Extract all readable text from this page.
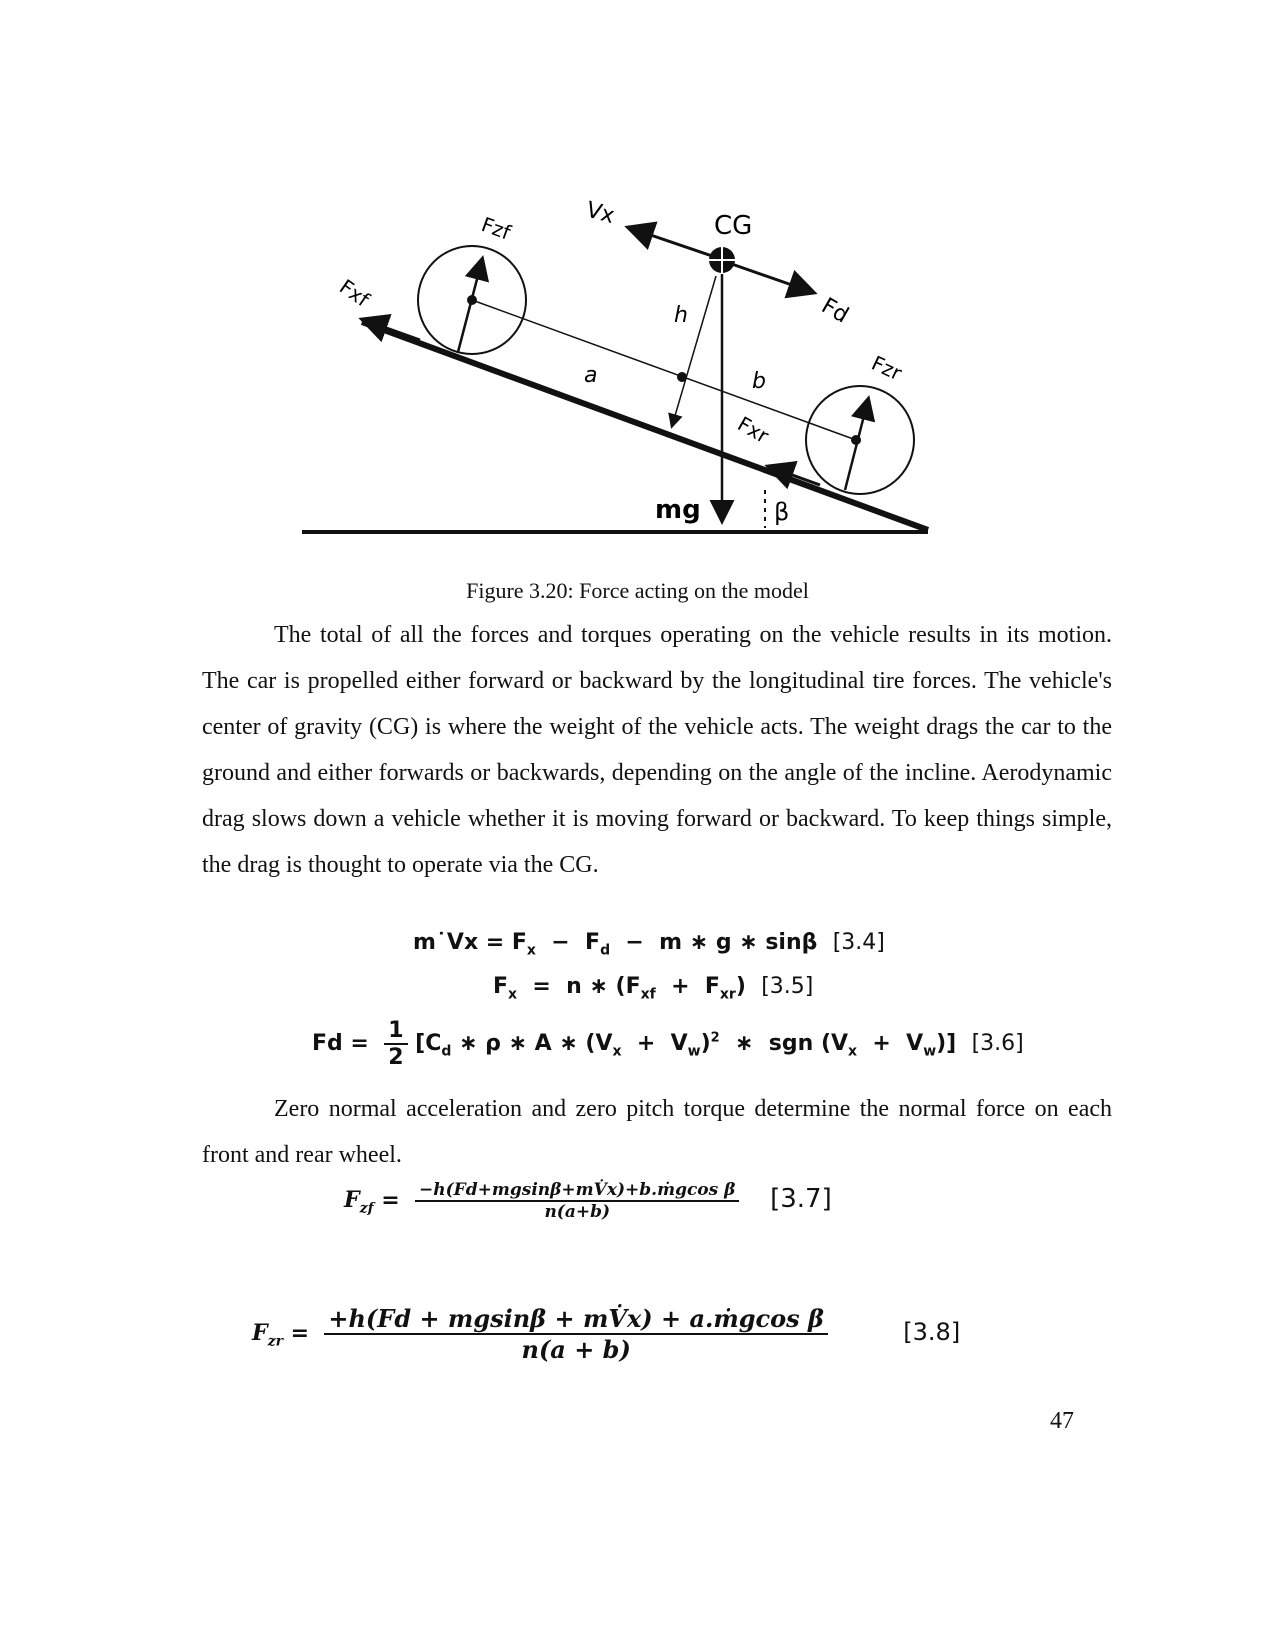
Fzf
Fxf
Vx	CG
Fd
h
a	b	Fzr
Fxr
mg	β
Figure 3.20: Force acting on the model

The total of all the forces and torques operating on the vehicle results in its motion. The car is propelled either forward or backward by the longitudinal tire forces. The vehicle's center of gravity (CG) is where the weight of the vehicle acts. The weight drags the car to the ground and either forwards or backwards, depending on the angle of the incline. Aerodynamic drag slows down a vehicle whether it is moving forward or backward. To keep things simple, the drag is thought to operate via the CG.

m˙Vx = $F_x - F_d - m$ ∗ g ∗ sinβ  [3.4]
$F_x = n$ ∗ $(F_{xf} + F_{xr})$  [3.5]
$Fd = \frac{1}{2} [C_d$ ∗ ρ ∗ A ∗ $(V_x + V_w)^2$  ∗  sgn $(V_x + V_w)$]  [3.6]

Zero normal acceleration and zero pitch torque determine the normal force on each front and rear wheel.

$F_{zf} = \frac{\text{−h(Fd+mgsinβ+mV̇x)+b.ṁgcos β}}{n(a+b)} [3.7]$
$F_{zr} = \frac{\text{+h(Fd + mgsinβ + mV̇x) + a.ṁgcos β}}{n(a + b)}$	[3.8]
47
